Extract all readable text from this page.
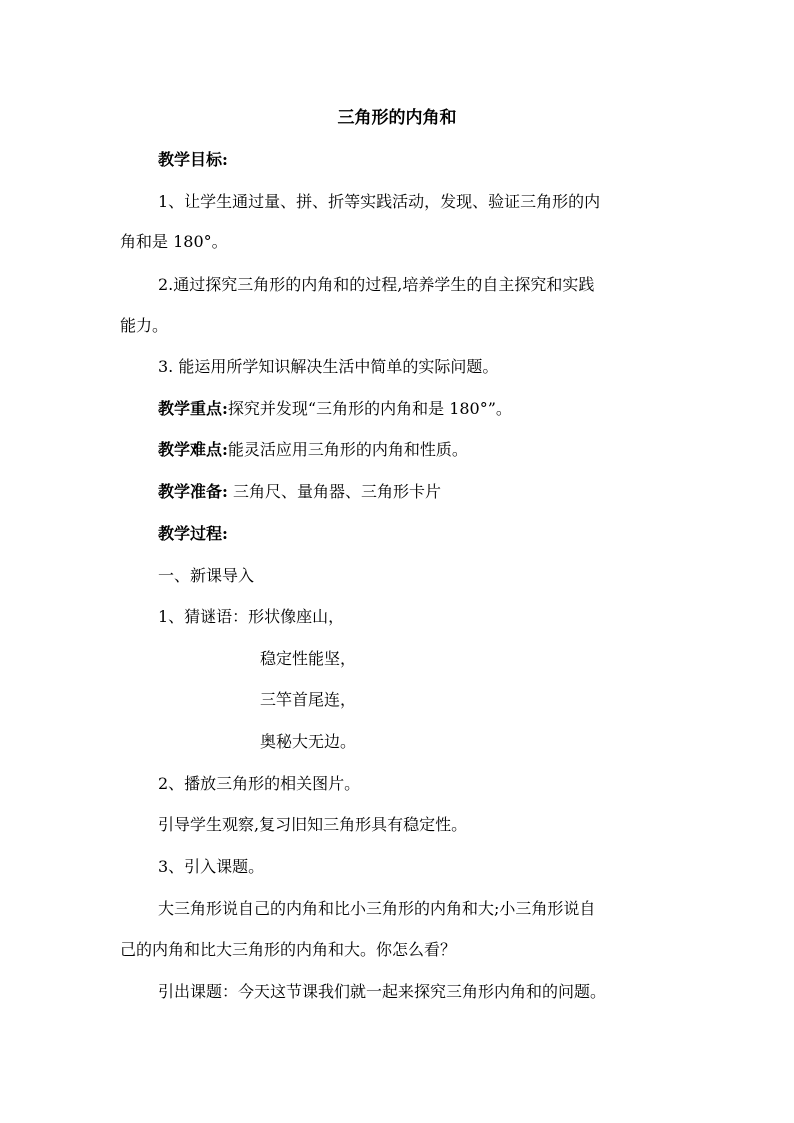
三角形的内角和
教学目标:
1、让学生通过量、拼、折等实践活动，发现、验证三角形的内
角和是 180°。
2.通过探究三角形的内角和的过程,培养学生的自主探究和实践
能力。
3. 能运用所学知识解决生活中简单的实际问题。
教学重点:探究并发现“三角形的内角和是 180°”。
教学难点:能灵活应用三角形的内角和性质。
教学准备: 三角尺、量角器、三角形卡片
教学过程:
一、新课导入
1、猜谜语：形状像座山，
稳定性能坚，
三竿首尾连，
奥秘大无边。
2、播放三角形的相关图片。
引导学生观察,复习旧知三角形具有稳定性。
3、引入课题。
大三角形说自己的内角和比小三角形的内角和大;小三角形说自
己的内角和比大三角形的内角和大。你怎么看？
引出课题：今天这节课我们就一起来探究三角形内角和的问题。
